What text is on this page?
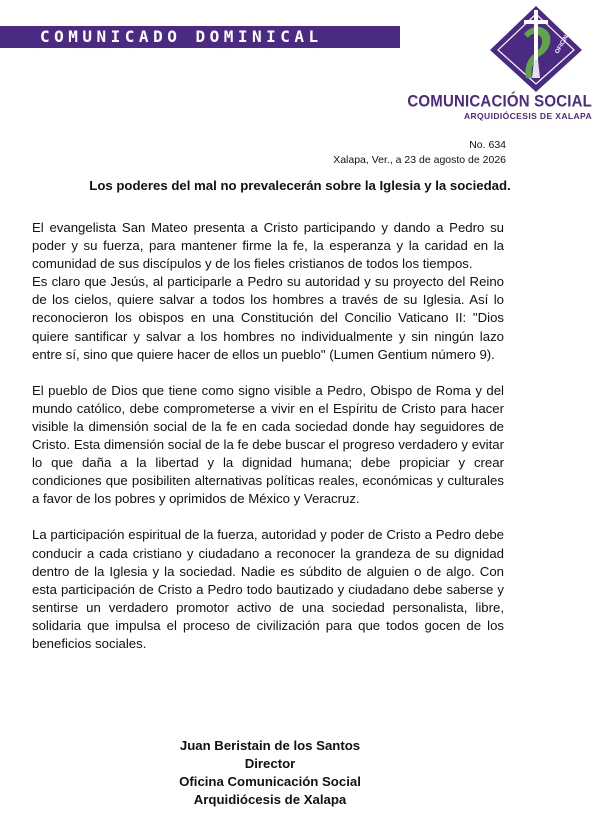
COMUNICADO DOMINICAL	OFICINA DE
COMUNICACIÓN SOCIAL
ARQUIDIÓCESIS DE XALAPA
No. 634
Xalapa, Ver., a 23 de agosto de 2026
Los poderes del mal no prevalecerán sobre la Iglesia y la sociedad.

El evangelista San Mateo presenta a Cristo participando y dando a Pedro su poder y su fuerza, para mantener firme la fe, la esperanza y la caridad en la comunidad de sus discípulos y de los fieles cristianos de todos los tiempos.

Es claro que Jesús, al participarle a Pedro su autoridad y su proyecto del Reino de los cielos, quiere salvar a todos los hombres a través de su Iglesia. Así lo reconocieron los obispos en una Constitución del Concilio Vaticano II: "Dios quiere santificar y salvar a los hombres no individualmente y sin ningún lazo entre sí, sino que quiere hacer de ellos un pueblo" (Lumen Gentium número 9).

El pueblo de Dios que tiene como signo visible a Pedro, Obispo de Roma y del mundo católico, debe comprometerse a vivir en el Espíritu de Cristo para hacer visible la dimensión social de la fe en cada sociedad donde hay seguidores de Cristo. Esta dimensión social de la fe debe buscar el progreso verdadero y evitar lo que daña a la libertad y la dignidad humana; debe propiciar y crear condiciones que posibiliten alternativas políticas reales, económicas y culturales a favor de los pobres y oprimidos de México y Veracruz.

La participación espiritual de la fuerza, autoridad y poder de Cristo a Pedro debe conducir a cada cristiano y ciudadano a reconocer la grandeza de su dignidad dentro de la Iglesia y la sociedad. Nadie es súbdito de alguien o de algo. Con esta participación de Cristo a Pedro todo bautizado y ciudadano debe saberse y sentirse un verdadero promotor activo de una sociedad personalista, libre, solidaria que impulsa el proceso de civilización para que todos gocen de los beneficios sociales.

Juan Beristain de los Santos
Director
Oficina Comunicación Social
Arquidiócesis de Xalapa
